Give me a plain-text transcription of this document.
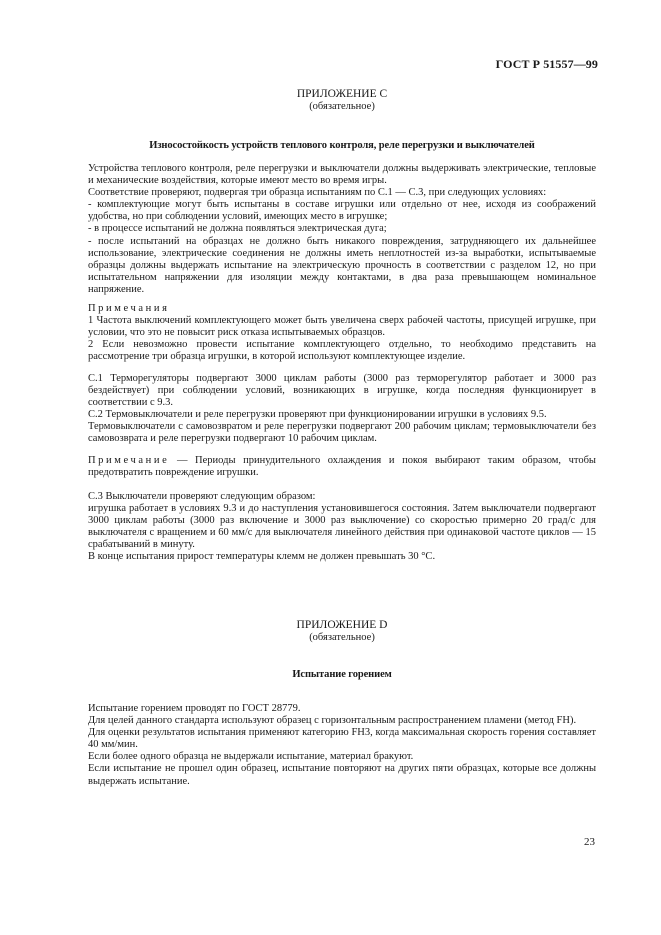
ГОСТ Р 51557—99
ПРИЛОЖЕНИЕ С
(обязательное)
Износостойкость устройств теплового контроля, реле перегрузки и выключателей

Устройства теплового контроля, реле перегрузки и выключатели должны выдерживать электрические, тепловые и механические воздействия, которые имеют место во время игры.

Соответствие проверяют, подвергая три образца испытаниям по С.1 — С.3, при следующих условиях:

- комплектующие могут быть испытаны в составе игрушки или отдельно от нее, исходя из соображений удобства, но при соблюдении условий, имеющих место в игрушке;

- в процессе испытаний не должна появляться электрическая дуга;

- после испытаний на образцах не должно быть никакого повреждения, затрудняющего их дальнейшее использование, электрические соединения не должны иметь неплотностей из-за выработки, испытываемые образцы должны выдержать испытание на электрическую прочность в соответствии с разделом 12, но при испытательном напряжении для изоляции между контактами, в два раза превышающем номинальное напряжение.

Примечания

1 Частота выключений комплектующего может быть увеличена сверх рабочей частоты, присущей игрушке, при условии, что это не повысит риск отказа испытываемых образцов.

2 Если невозможно провести испытание комплектующего отдельно, то необходимо представить на рассмотрение три образца игрушки, в которой используют комплектующее изделие.

С.1 Терморегуляторы подвергают 3000 циклам работы (3000 раз терморегулятор работает и 3000 раз бездействует) при соблюдении условий, возникающих в игрушке, когда последняя функционирует в соответствии с 9.3.

С.2 Термовыключатели и реле перегрузки проверяют при функционировании игрушки в условиях 9.5.

Термовыключатели с самовозвратом и реле перегрузки подвергают 200 рабочим циклам; термовыключатели без самовозврата и реле перегрузки подвергают 10 рабочим циклам.

Примечание — Периоды принудительного охлаждения и покоя выбирают таким образом, чтобы предотвратить повреждение игрушки.

С.3 Выключатели проверяют следующим образом:

игрушка работает в условиях 9.3 и до наступления установившегося состояния. Затем выключатели подвергают 3000 циклам работы (3000 раз включение и 3000 раз выключение) со скоростью примерно 20 град/с для выключателя с вращением и 60 мм/с для выключателя линейного действия при одинаковой частоте циклов — 15 срабатываний в минуту.

В конце испытания прирост температуры клемм не должен превышать 30 °С.

ПРИЛОЖЕНИЕ D
(обязательное)
Испытание горением

Испытание горением проводят по ГОСТ 28779.

Для целей данного стандарта используют образец с горизонтальным распространением пламени (метод FH).

Для оценки результатов испытания применяют категорию FH3, когда максимальная скорость горения составляет 40 мм/мин.

Если более одного образца не выдержали испытание, материал бракуют.

Если испытание не прошел один образец, испытание повторяют на других пяти образцах, которые все должны выдержать испытание.

23
